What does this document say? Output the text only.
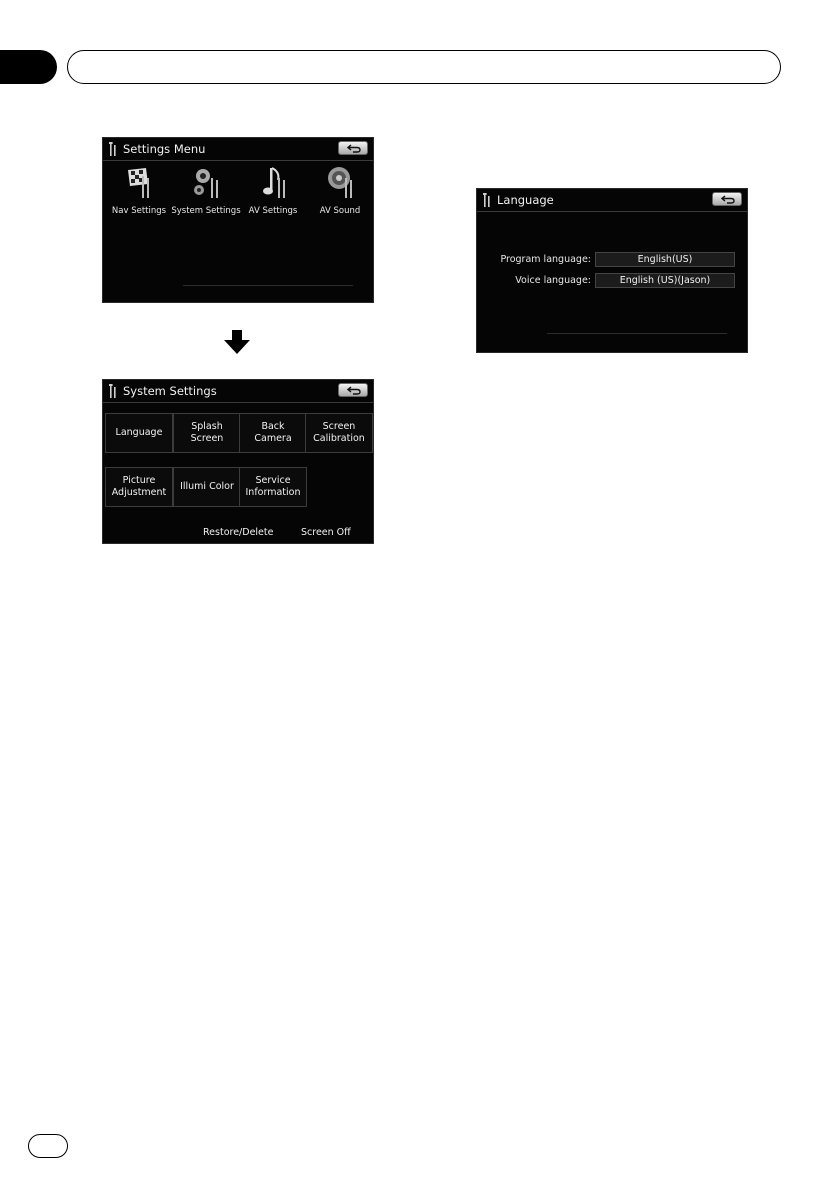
Settings Menu
Nav Settings System Settings AV Settings	AV Sound
System Settings
Language
Splash
Screen
Back
Camera
Screen
Calibration
Picture
Adjustment
Illumi Color
Service
Information
Restore/Delete	Screen Off
Language
Program language:	English(US)
Voice language:	English (US)(Jason)
